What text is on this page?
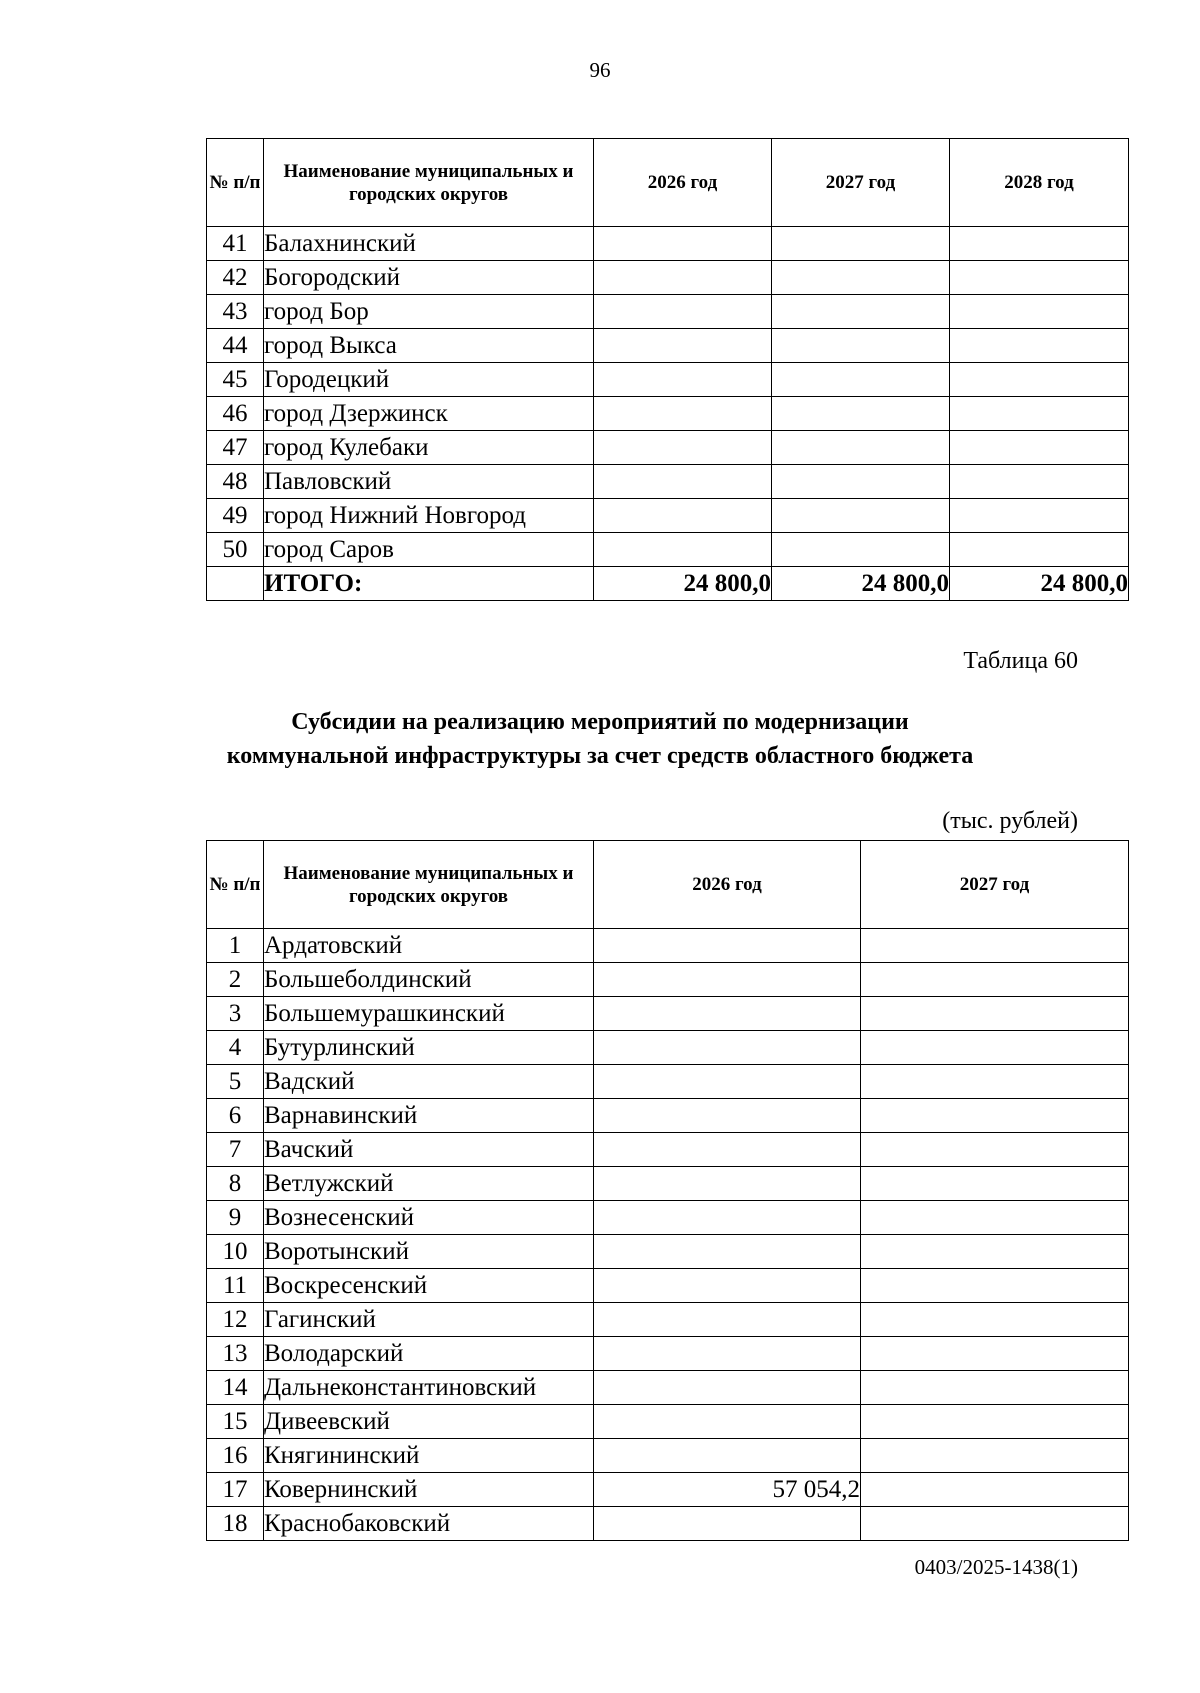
96
№ п/п	Наименование муниципальных и городских округов	2026 год	2027 год	2028 год
41	Балахнинский			
42	Богородский			
43	город Бор			
44	город Выкса			
45	Городецкий			
46	город Дзержинск			
47	город Кулебаки			
48	Павловский			
49	город Нижний Новгород			
50	город Саров			
	ИТОГО:	24 800,0	24 800,0	24 800,0
Таблица 60
Субсидии на реализацию мероприятий по модернизации
коммунальной инфраструктуры за счет средств областного бюджета
(тыс. рублей)
№ п/п	Наименование муниципальных и городских округов	2026 год	2027 год
1	Ардатовский		
2	Большеболдинский		
3	Большемурашкинский		
4	Бутурлинский		
5	Вадский		
6	Варнавинский		
7	Вачский		
8	Ветлужский		
9	Вознесенский		
10	Воротынский		
11	Воскресенский		
12	Гагинский		
13	Володарский		
14	Дальнеконстантиновский		
15	Дивеевский		
16	Княгининский		
17	Ковернинский	57 054,2	
18	Краснобаковский		
0403/2025-1438(1)
